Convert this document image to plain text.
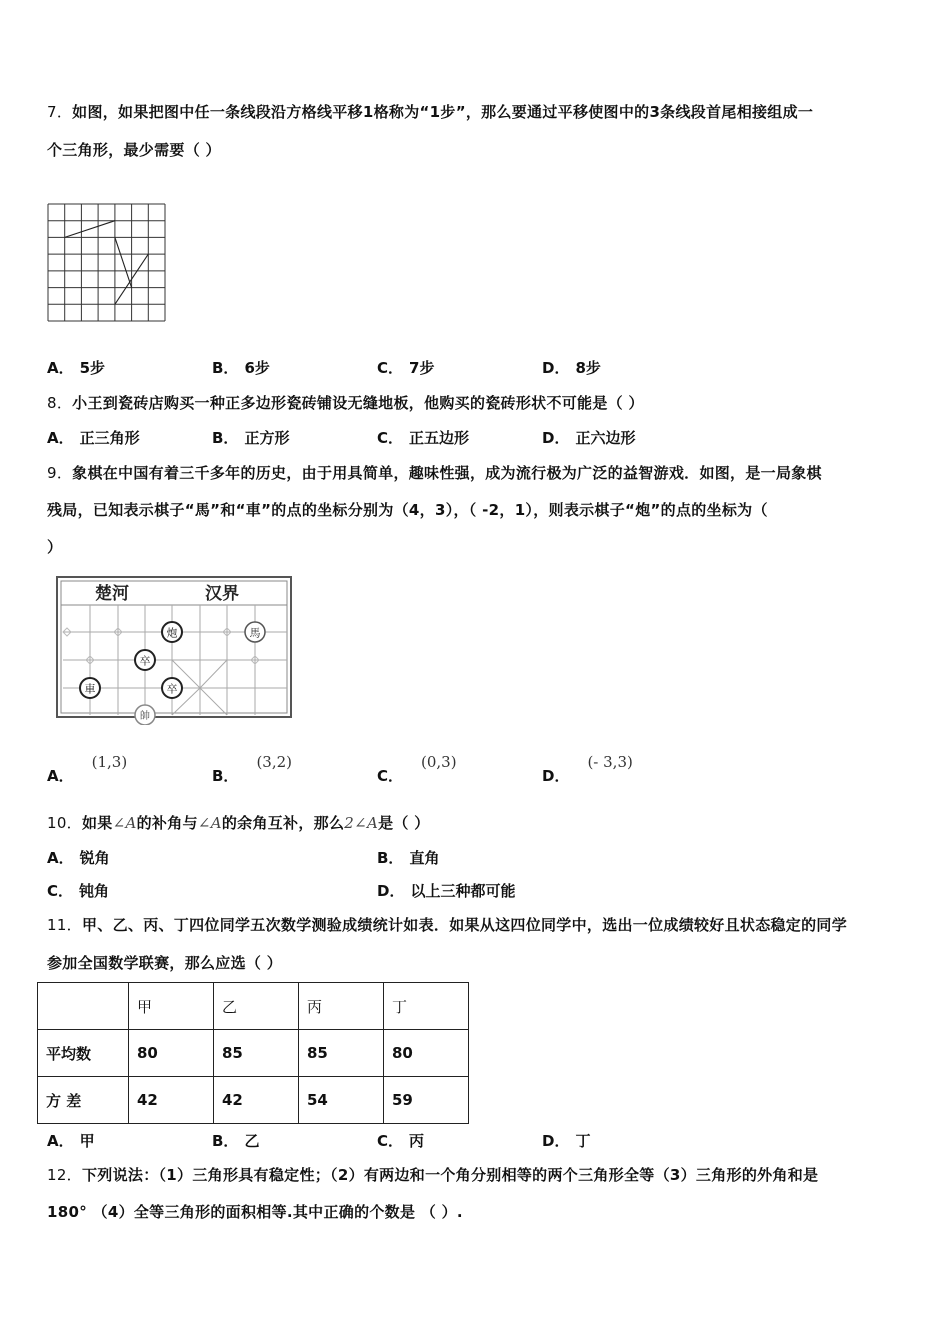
7．如图，如果把图中任一条线段沿方格线平移1格称为“1步”，那么要通过平移使图中的3条线段首尾相接组成一
个三角形，最少需要（ ）
A． 5步	B． 6步	C． 7步	D． 8步
8．小王到瓷砖店购买一种正多边形瓷砖铺设无缝地板，他购买的瓷砖形状不可能是（ ）
A． 正三角形	B． 正方形	C． 正五边形	D． 正六边形
9．象棋在中国有着三千多年的历史，由于用具简单，趣味性强，成为流行极为广泛的益智游戏．如图，是一局象棋
残局，已知表示棋子“馬”和“車”的点的坐标分别为（4，3），（ -2，1），则表示棋子“炮”的点的坐标为（
）
楚河	汉界
炮	馬
卒
車	卒
帥
A．(1,3)
B．(3,2)
C．(0,3)
D．(- 3,3)
10．如果∠A的补角与∠A的余角互补，那么2∠A是（ ）
A． 锐角	B． 直角
C． 钝角	D． 以上三种都可能
11．甲、乙、丙、丁四位同学五次数学测验成绩统计如表．如果从这四位同学中，选出一位成绩较好且状态稳定的同学
参加全国数学联赛，那么应选（ ）
	甲	乙	丙	丁
平均数	80	85	85	80
方 差	42	42	54	59
A． 甲	B． 乙	C． 丙	D． 丁
12．下列说法：（1）三角形具有稳定性；（2）有两边和一个角分别相等的两个三角形全等（3）三角形的外角和是
180° （4）全等三角形的面积相等.其中正确的个数是 （ ）.
